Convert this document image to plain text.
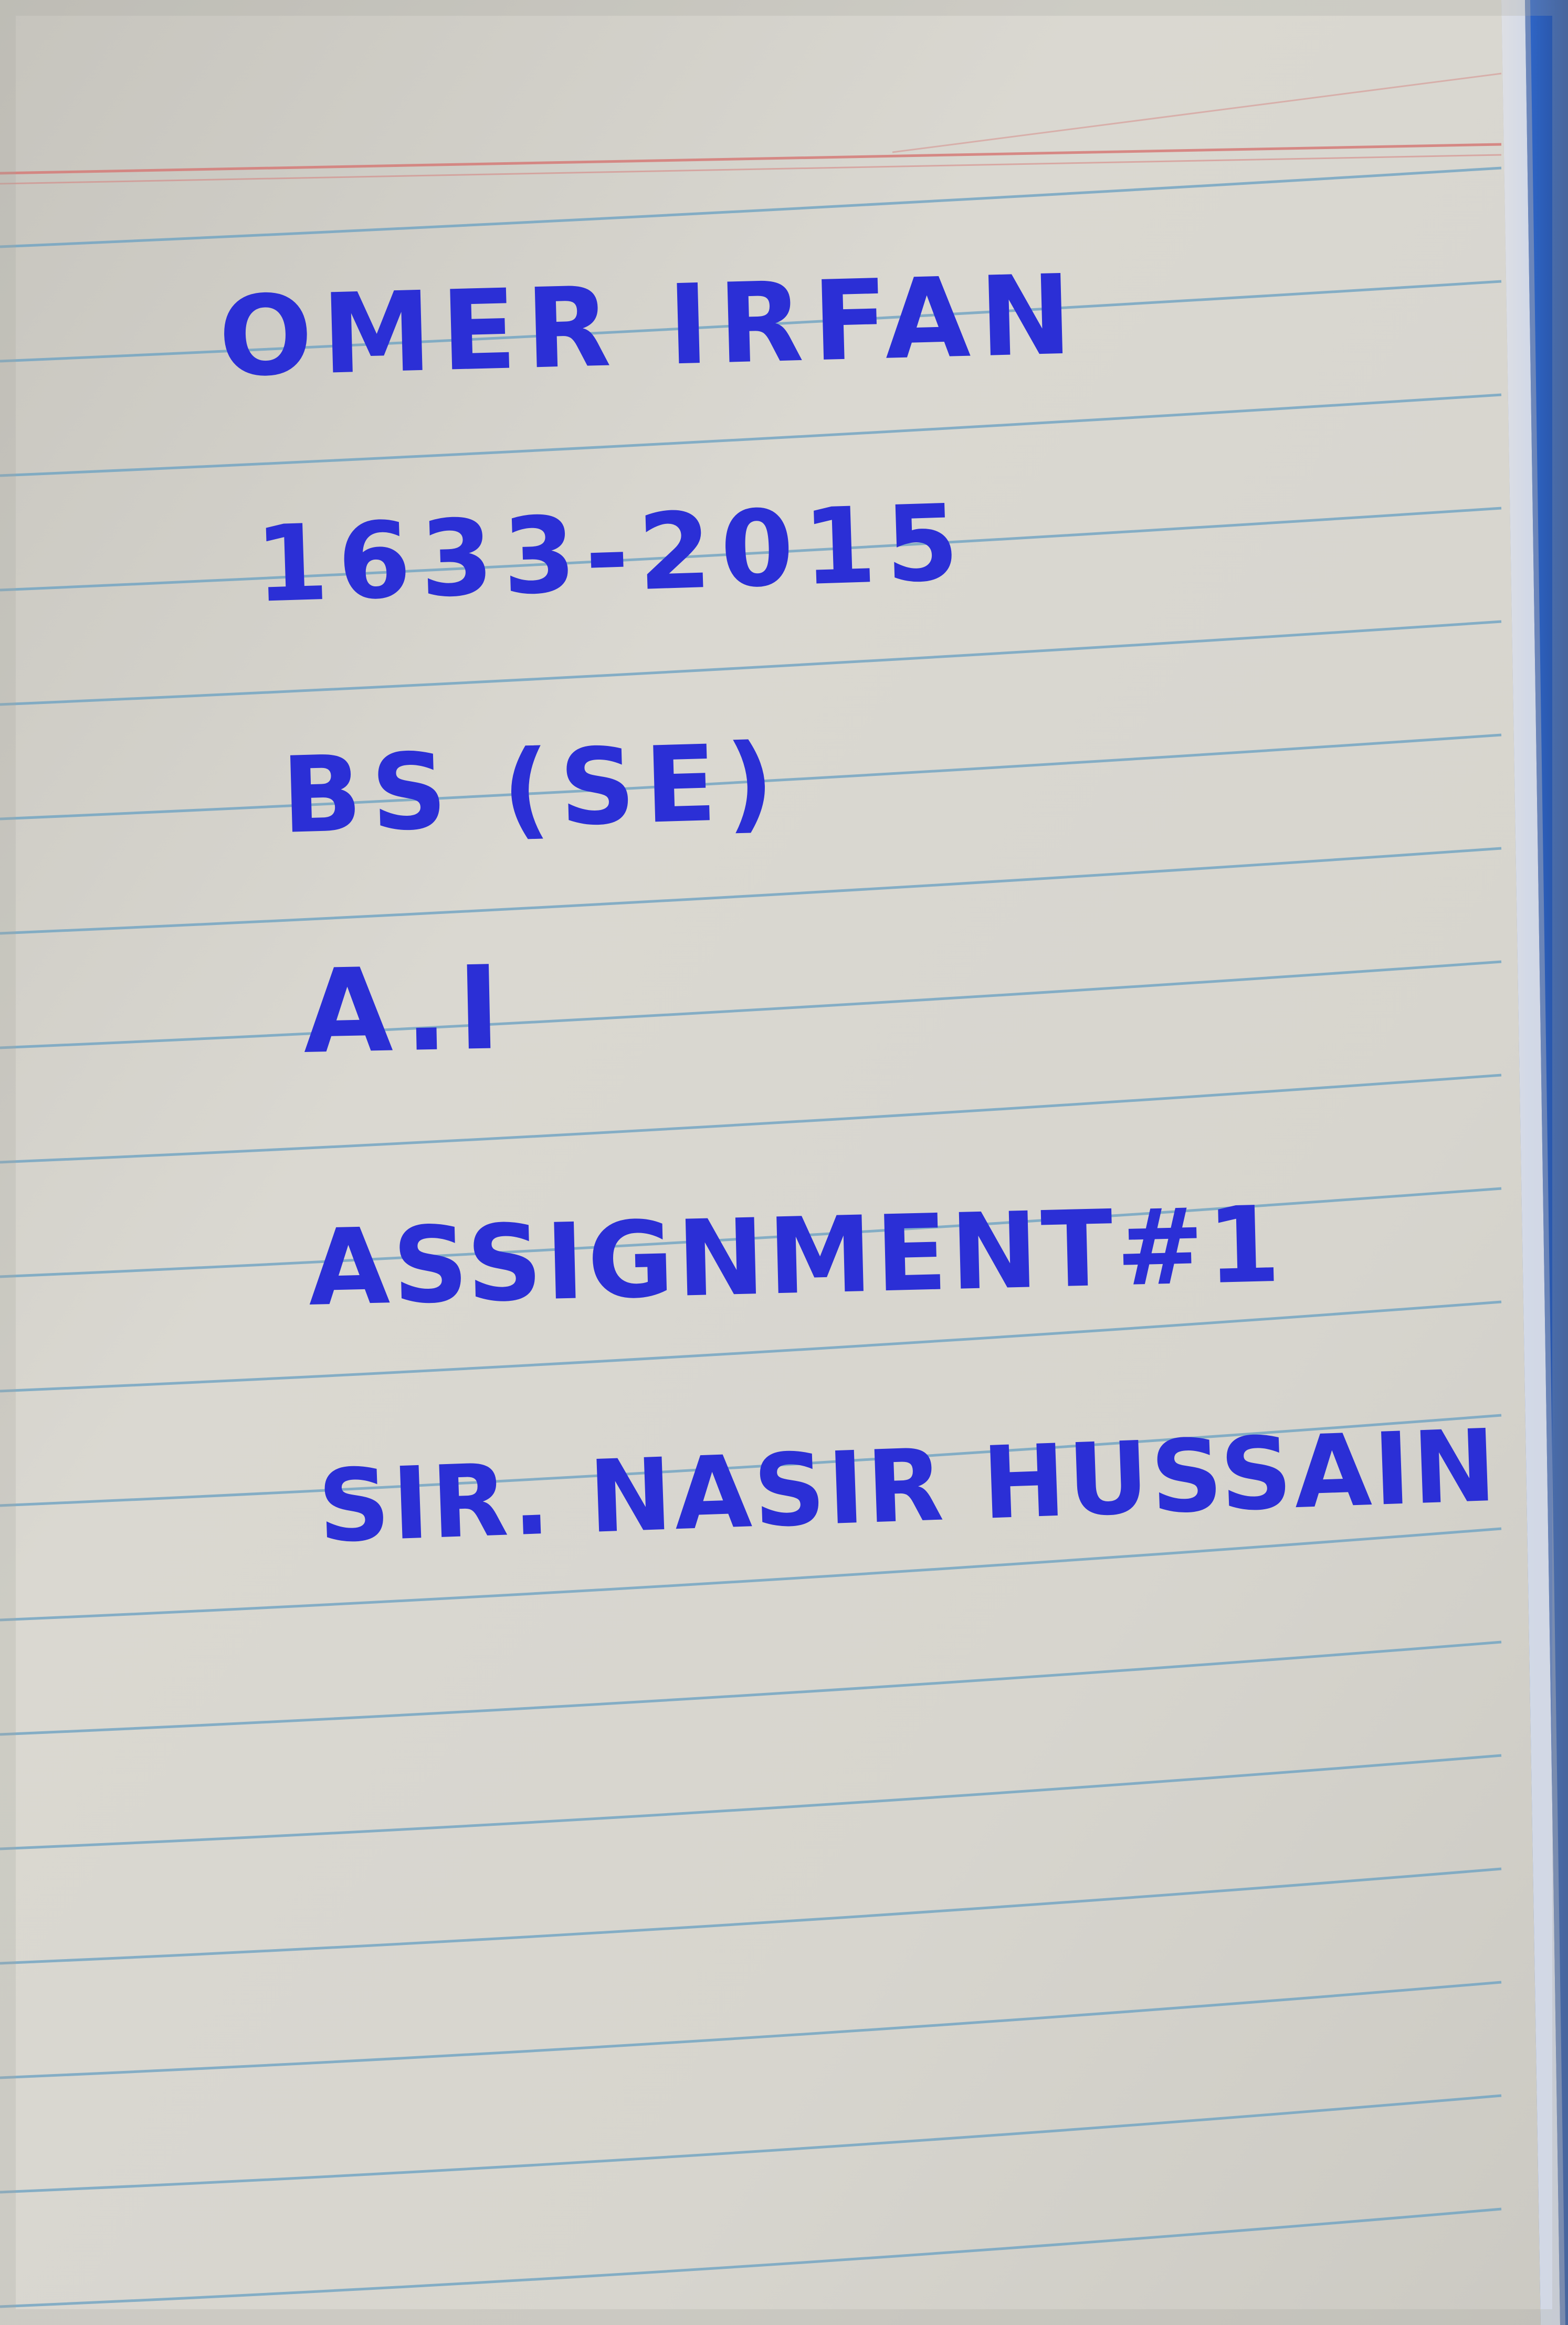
OMER IRFAN

1633-2015

BS (SE)

A.I

ASSIGNMENT#1

SIR. NASIR HUSSAIN
